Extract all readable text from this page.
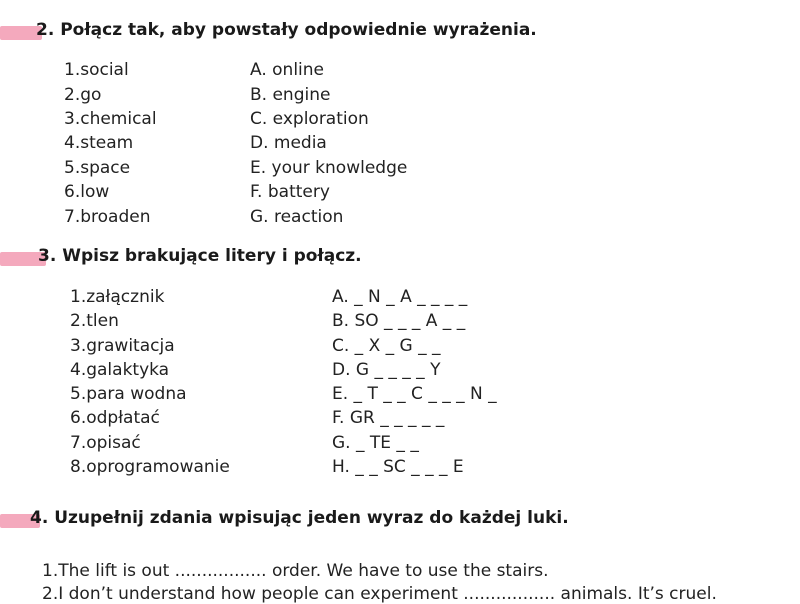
2. Połącz tak, aby powstały odpowiednie wyrażenia.
1.social
2.go
3.chemical
4.steam
5.space
6.low
7.broaden
A. online
B. engine
C. exploration
D. media
E. your knowledge
F. battery
G. reaction
3. Wpisz brakujące litery i połącz.
1.załącznik
2.tlen
3.grawitacja
4.galaktyka
5.para wodna
6.odpłatać
7.opisać
8.oprogramowanie
A. _ N _ A _ _ _ _
B. SO _ _ _ A _ _
C. _ X _ G _ _
D. G _ _ _ _ Y
E. _ T _ _ C _ _ _ N _
F. GR _ _ _ _ _
G. _ TE _ _
H. _ _ SC _ _ _ E
4. Uzupełnij zdania wpisując jeden wyraz do każdej luki.
1.The lift is out ................. order. We have to use the stairs.
2.I don’t understand how people can experiment ................. animals. It’s cruel.
